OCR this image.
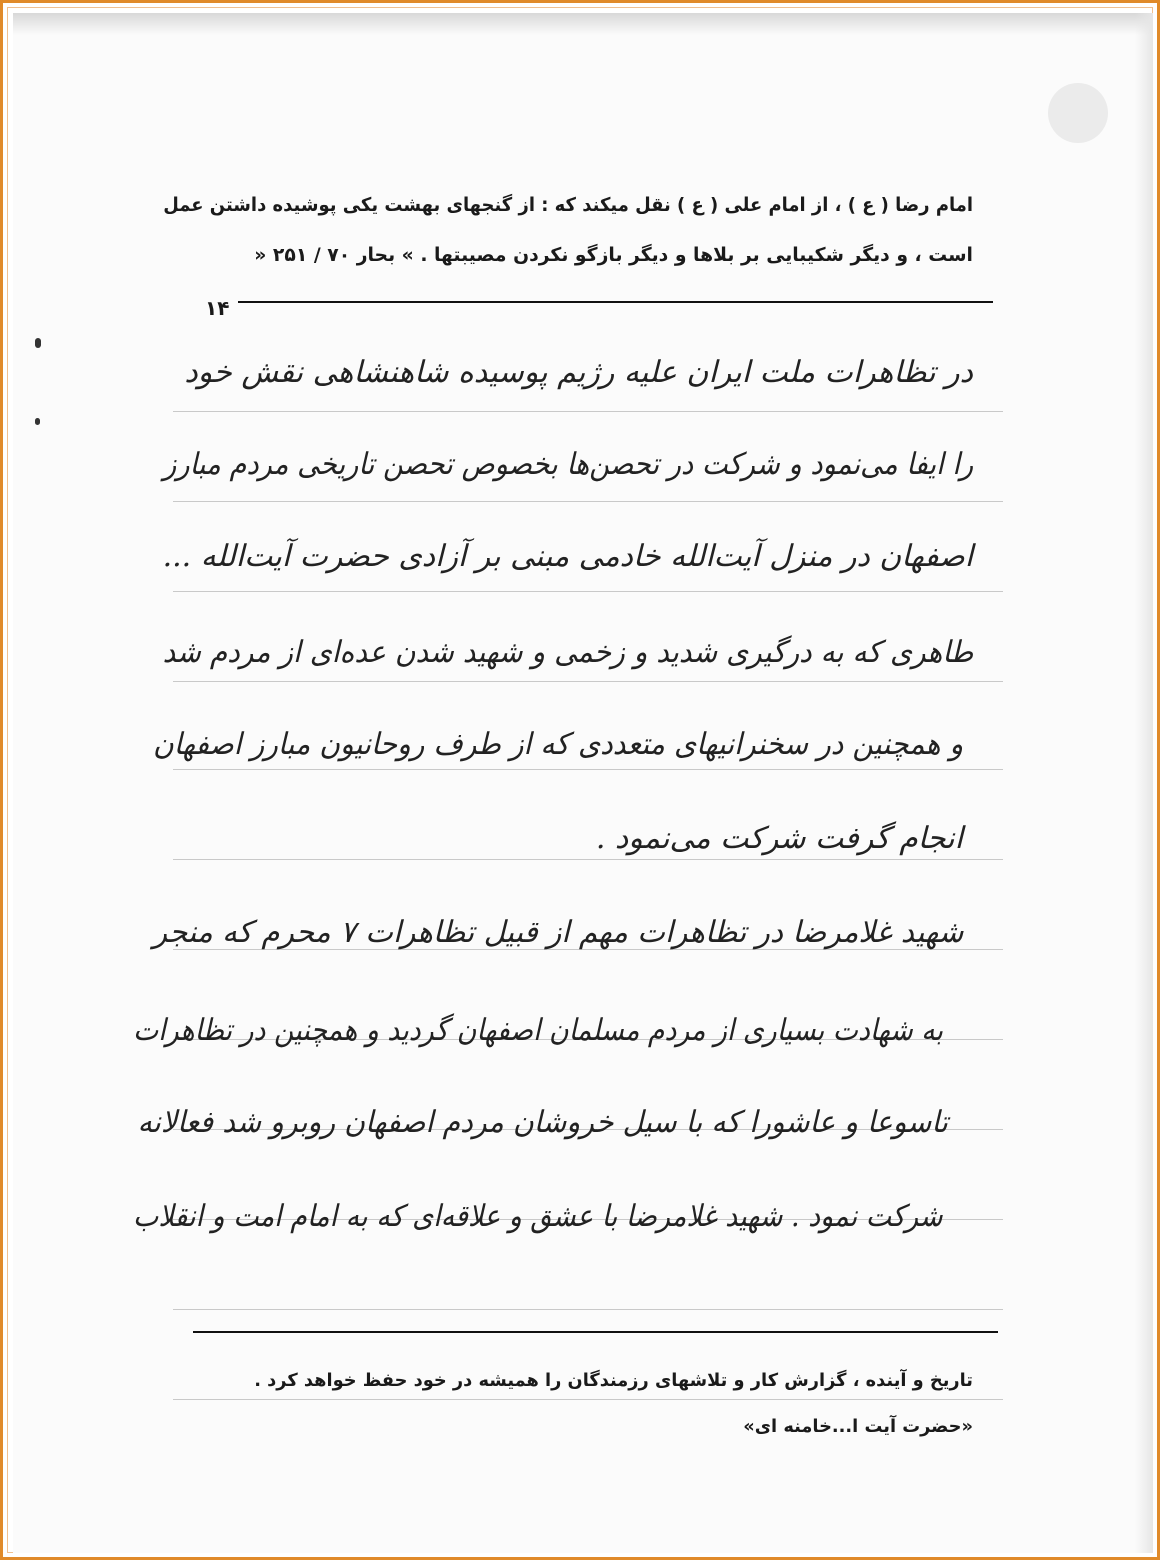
امام رضا ( ع ) ، از امام علی ( ع ) نقل میکند که : از گنجهای بهشت یکی پوشیده داشتن عمل

است ، و دیگر شکیبایی بر بلاها و دیگر بازگو نکردن مصیبتها . » بحار ۷۰ / ۲۵۱ «

۱۴
در تظاهرات ملت ایران علیه رژیم پوسیده شاهنشاهی نقش خود
را ایفا می‌نمود و شرکت در تحصن‌ها بخصوص تحصن تاریخی مردم مبارز
اصفهان در منزل آیت‌الله خادمی مبنی بر آزادی حضرت آیت‌الله ...
طاهری که به درگیری شدید و زخمی و شهید شدن عده‌ای از مردم شد
و همچنین در سخنرانیهای متعددی که از طرف روحانیون مبارز اصفهان
انجام گرفت شرکت می‌نمود .
شهید غلامرضا در تظاهرات مهم از قبیل تظاهرات ۷ محرم که منجر
به شهادت بسیاری از مردم مسلمان اصفهان گردید و همچنین در تظاهرات
تاسوعا و عاشورا که با سیل خروشان مردم اصفهان روبرو شد فعالانه
شرکت نمود . شهید غلامرضا با عشق و علاقه‌ای که به امام امت و انقلاب

تاریخ و آینده ، گزارش کار و تلاشهای رزمندگان را همیشه در خود حفظ خواهد کرد .

«حضرت آیت ا...خامنه ای»
